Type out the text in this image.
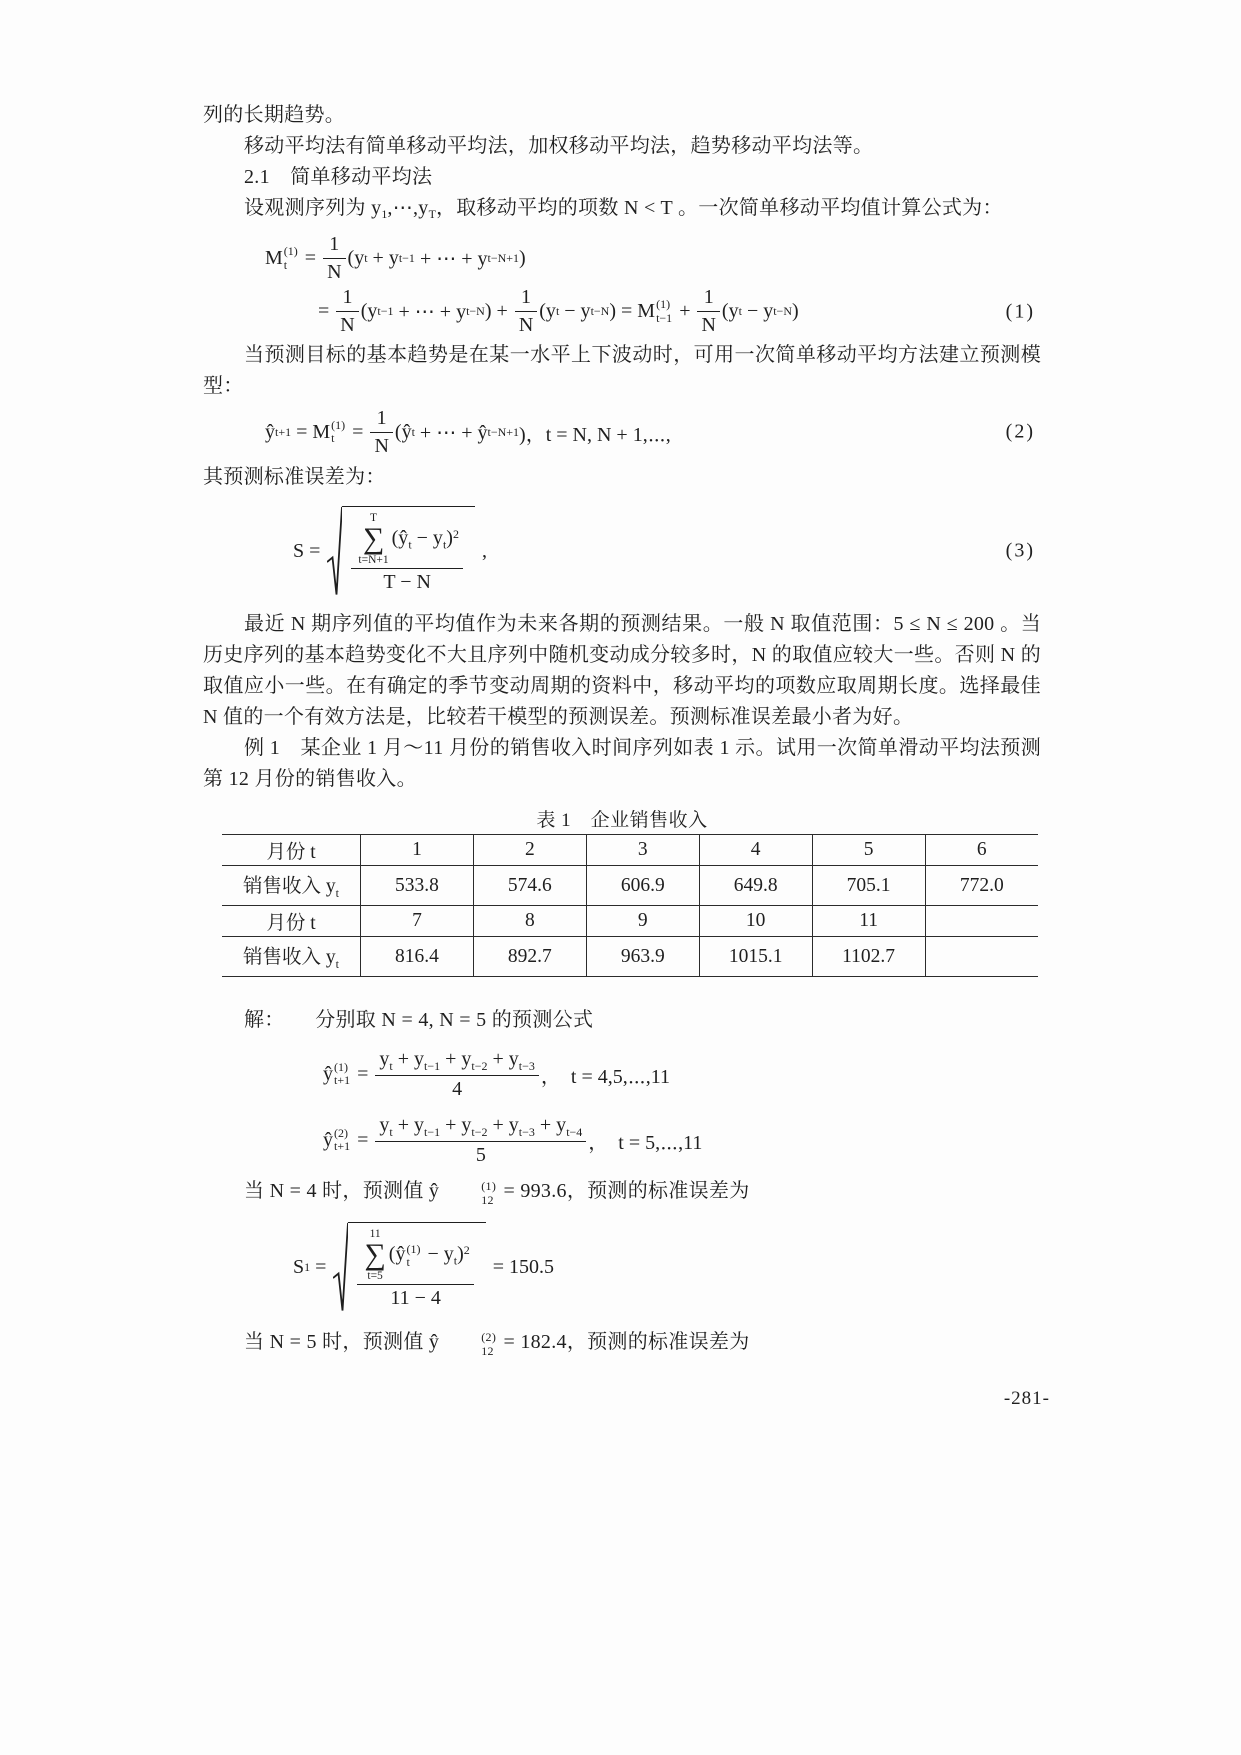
列的长期趋势。

移动平均法有简单移动平均法，加权移动平均法，趋势移动平均法等。

2.1　简单移动平均法

设观测序列为 $y_1,\cdots,y_T$，取移动平均的项数 N < T 。一次简单移动平均值计算公式为：

M (1)
$t = \frac{1}{N} (y$ t + y t−1 + ⋯ + y t−N+1 )
= $\frac{1}{N} (y$ t−1 + ⋯ + y t−N ) + $\frac{1}{N} (y$ t − y t−N ) = M (1)
$t-1 + \frac{1}{N} (y$ t − y t−N )	(1)

当预测目标的基本趋势是在某一水平上下波动时，可用一次简单移动平均方法建立预测模型：

ŷ t+1 = M (1)
$t = \frac{1}{N}$ (ŷ t + ⋯ + ŷ t−N+1 )，t = N, N + 1,⋯,	(2)

其预测标准误差为：

S = T
∑
t=N+1
$(ŷ_t - y_t)^2$
T − N ,	(3)

最近 N 期序列值的平均值作为未来各期的预测结果。一般 N 取值范围：5 ≤ N ≤ 200 。当历史序列的基本趋势变化不大且序列中随机变动成分较多时，N 的取值应较大一些。否则 N 的取值应小一些。在有确定的季节变动周期的资料中，移动平均的项数应取周期长度。选择最佳 N 值的一个有效方法是，比较若干模型的预测误差。预测标准误差最小者为好。

例 1　某企业 1 月～11 月份的销售收入时间序列如表 1 示。试用一次简单滑动平均法预测第 12 月份的销售收入。

表 1　企业销售收入
月份 t	1	2	3	4	5	6
销售收入 $y_t$	533.8	574.6	606.9	649.8	705.1	772.0
月份 t	7	8	9	10	11	
销售收入 $y_t$	816.4	892.7	963.9	1015.1	1102.7	

解：　　分别取 N = 4, N = 5 的预测公式

ŷ (1)
$t+1 = \frac{y_t + y_{t-1} + y_{t-2} + y_{t-3}}{4}$ ，  t = 4,5,⋯,11
ŷ (2)
$t+1 = \frac{y_t + y_{t-1} + y_{t-2} + y_{t-3} + y_{t-4}}{5}$ ，  t = 5,⋯,11

当 N = 4 时，预测值 ŷ	(1)
12 = 993.6，预测的标准误差为

S 1 = 11
∑
t=5
(ŷ (1)
$t - y_t)^2$
11 − 4 = 150.5

当 N = 5 时，预测值 ŷ	(2)
12 = 182.4，预测的标准误差为

-281-
